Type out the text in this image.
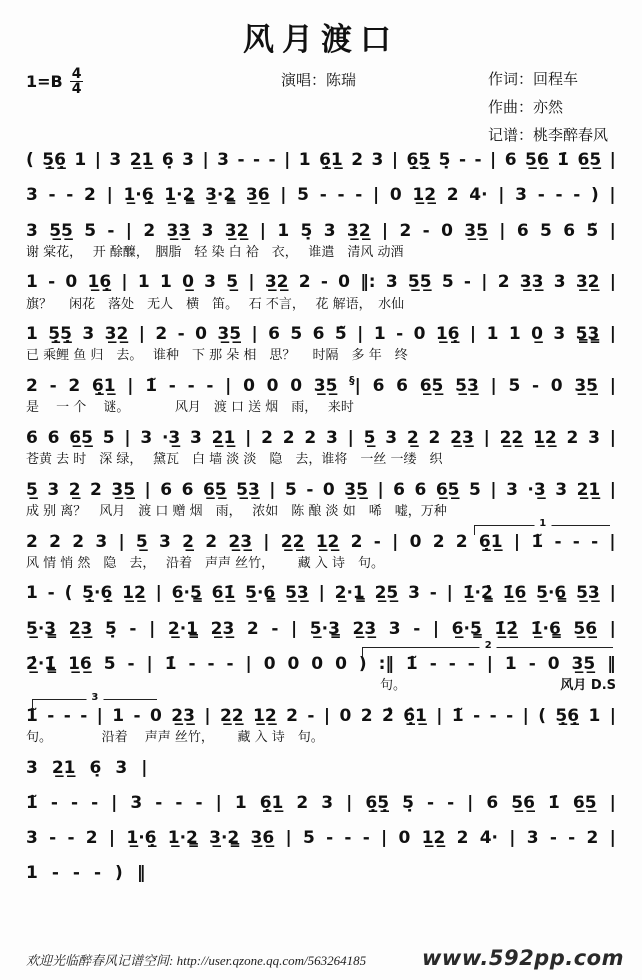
风月渡口
$1=B \frac{4}{4}$	演唱：陈瑞	作词：回程车
作曲：亦然
记谱：桃李醉春风
( 5̣̲6̣̲ 1 | 3 2̲1̲ 6̣ 3 | 3 - - - | 1 6̣̲1̲ 2 3 | 6̣̲5̣̲ 5̣ - - | 6 5̲6̲ 1̇ 6̲5̲ |
3 - - 2 | 1̲·6̣̲ 1̲·2̳ 3̲·2̳ 3̲6̲ | 5 - - - | 0 1̲2̲ 2 4· | 3 - - - ) |
3 5̲5̲ 5 - | 2 3̲3̲ 3 3̲2̲ | 1 5̣ 3 3̲2̲ | 2 - 0 3̲5̲ | 6 5 6 5̃ |
谢 棠花，　 开 酴醾，　胭脂　轻 染 白 袷　衣，　 谁遣　清风 动酒
1 - 0 1̲6̣̲ | 1 1 0̲ 3 5̲ | 3̲2̲ 2 - 0 ‖: 3 5̲5̲ 5 - | 2 3̲3̲ 3 3̲2̲ |
旗？　 闲花　落处　无人　横　笛。　 石 不言，　 花 解语，　水仙
1 5̣̲5̣̲ 3 3̲2̲ | 2 - 0 3̲5̲ | 6 5 6 5̃ | 1 - 0 1̲6̣̲ | 1 1 0̲ 3 5̳3̳ |
已 乘鲤 鱼 归　去。　 谁种　下 那 朵 相　思？　 时隔　多 年　终
2 - 2 6̣̲1̲ | 1̃ - - - | 0 0 0 3̲5̲ §| 6 6 6̲5̲ 5̲3̲ | 5 - 0 3̲5̲ |
是　 一 个　 谜。　　　　风月　渡 口 送 烟　雨，　 来时
6 6 6̲5̲ 5 | 3 ·3̲ 3 2̲1̲ | 2 2 2 3 | 5̲ 3 2̲ 2 2̲3̲ | 2̲2̲ 1̲2̲ 2 3 |
苍黄 去 时　深 绿，　 黛瓦　白 墙 淡 淡　隐　去，谁将　一丝 一缕　织
5̲ 3 2̲ 2 3̲5̲ | 6 6 6̲5̲ 5̲3̲ | 5 - 0 3̲5̲ | 6 6 6̲5̲ 5 | 3 ·3̲ 3 2̲1̲ |
成 别 离？　风月　渡 口 赠 烟　雨，　 浓如　陈 酿 淡 如　唏　嘘，万种
1
2 2 2 3 | 5̲ 3 2̲ 2 2̲3̲ | 2̲2̲ 1̲2̲ 2 - | 0 2 2 6̣̲1̲ | 1̃ - - - |
风 情 悄 然　隐　去，　 沿着　声声 丝竹，　　 藏 入 诗　句。
1 - ( 5̣̲·6̣̲ 1̲2̲ | 6̲·5̳ 6̲1̲̇ 5̲·6̳ 5̲3̲ | 2̲·1̳ 2̲5̲ 3 - | 1̲̇·2̳̇ 1̲̇6̲ 5̲·6̳ 5̲3̲ |
5̲·3̳ 2̲3̲ 5̣ - | 2̲·1̳ 2̲3̲ 2 - | 5̲·3̳ 2̲3̲ 3 - | 6̲·5̳ 1̲̇2̲̇ 1̲̇·6̳ 5̲6̲ |
2
2̲̇·1̳̇ 1̲6̲ 5 - | 1̇ - - - | 0 0 0 0 ) :‖ 1̃ - - - | 1 - 0 3̲5̲ ‖
句。	风月 D.S
3
1̃ - - - | 1 - 0 2̲3̲ | 2̲2̲ 1̲2̲ 2 - | 0 2 2̂ 6̣̲̂1̲ | 1̃ - - - | ( 5̣̲6̣̲ 1 |
句。　　　　 沿着　 声声 丝竹，　　 藏 入 诗　句。
3 2̲1̲ 6̣ 3 |
1̃ - - - | 3 - - - | 1 6̣̲1̲ 2 3 | 6̣̲5̣̲ 5̣ - - | 6 5̲6̲ 1̇ 6̲5̲ |
3 - - 2 | 1̲·6̣̲ 1̲·2̳ 3̲·2̳ 3̲6̲ | 5 - - - | 0 1̲2̲ 2 4· | 3 - - 2 |
1 - - - ) ‖
欢迎光临醉春风记谱空间: http://user.qzone.qq.com/563264185	www.592pp.com
